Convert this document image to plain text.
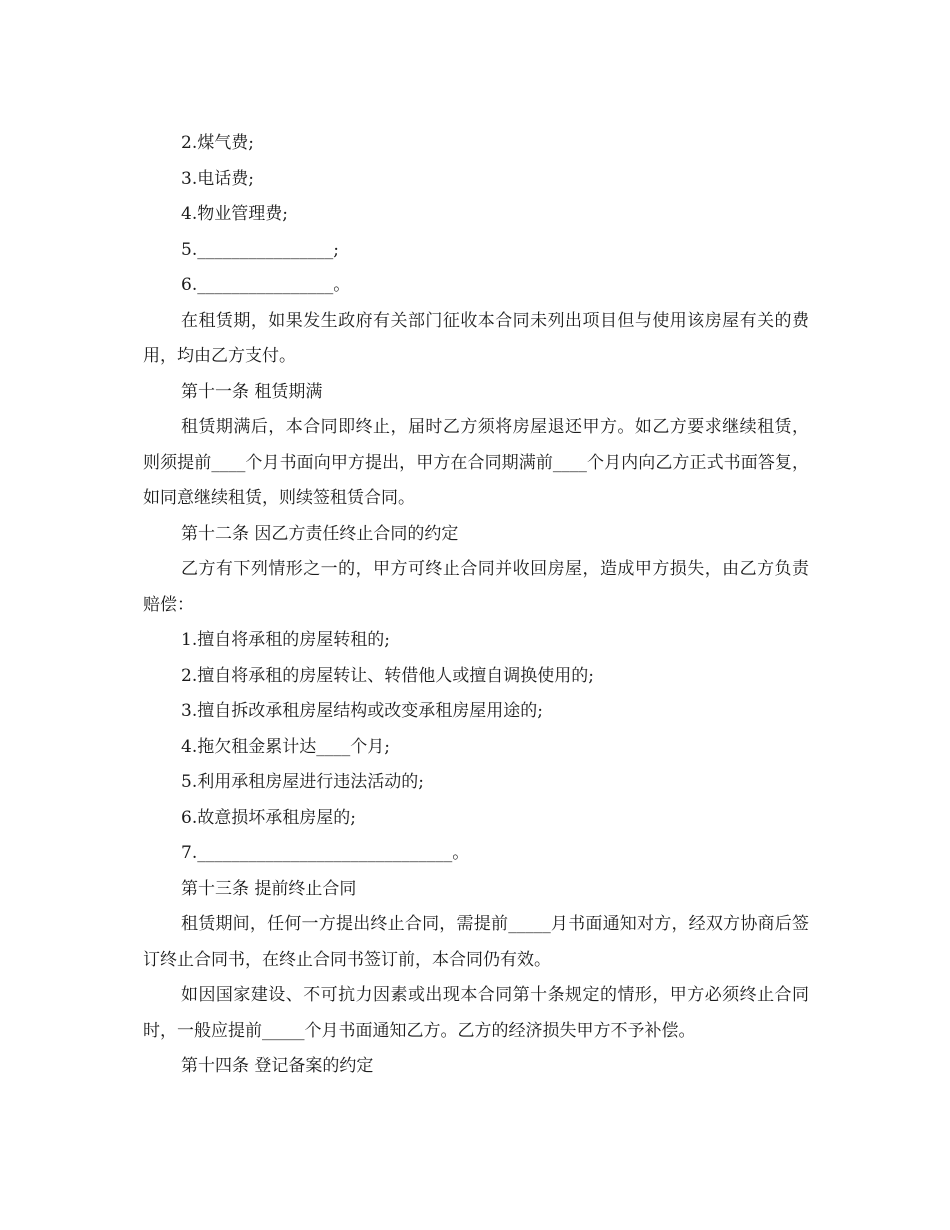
2.煤气费;

3.电话费;

4.物业管理费;

5.________________;

6.________________。

在租赁期，如果发生政府有关部门征收本合同未列出项目但与使用该房屋有关的费用，均由乙方支付。

第十一条 租赁期满

租赁期满后，本合同即终止，届时乙方须将房屋退还甲方。如乙方要求继续租赁，则须提前____个月书面向甲方提出，甲方在合同期满前____个月内向乙方正式书面答复，如同意继续租赁，则续签租赁合同。

第十二条 因乙方责任终止合同的约定

乙方有下列情形之一的，甲方可终止合同并收回房屋，造成甲方损失，由乙方负责赔偿：

1.擅自将承租的房屋转租的;

2.擅自将承租的房屋转让、转借他人或擅自调换使用的;

3.擅自拆改承租房屋结构或改变承租房屋用途的;

4.拖欠租金累计达____个月;

5.利用承租房屋进行违法活动的;

6.故意损坏承租房屋的;

7.______________________________。

第十三条 提前终止合同

租赁期间，任何一方提出终止合同，需提前_____月书面通知对方，经双方协商后签订终止合同书，在终止合同书签订前，本合同仍有效。

如因国家建设、不可抗力因素或出现本合同第十条规定的情形，甲方必须终止合同时，一般应提前_____个月书面通知乙方。乙方的经济损失甲方不予补偿。

第十四条 登记备案的约定
